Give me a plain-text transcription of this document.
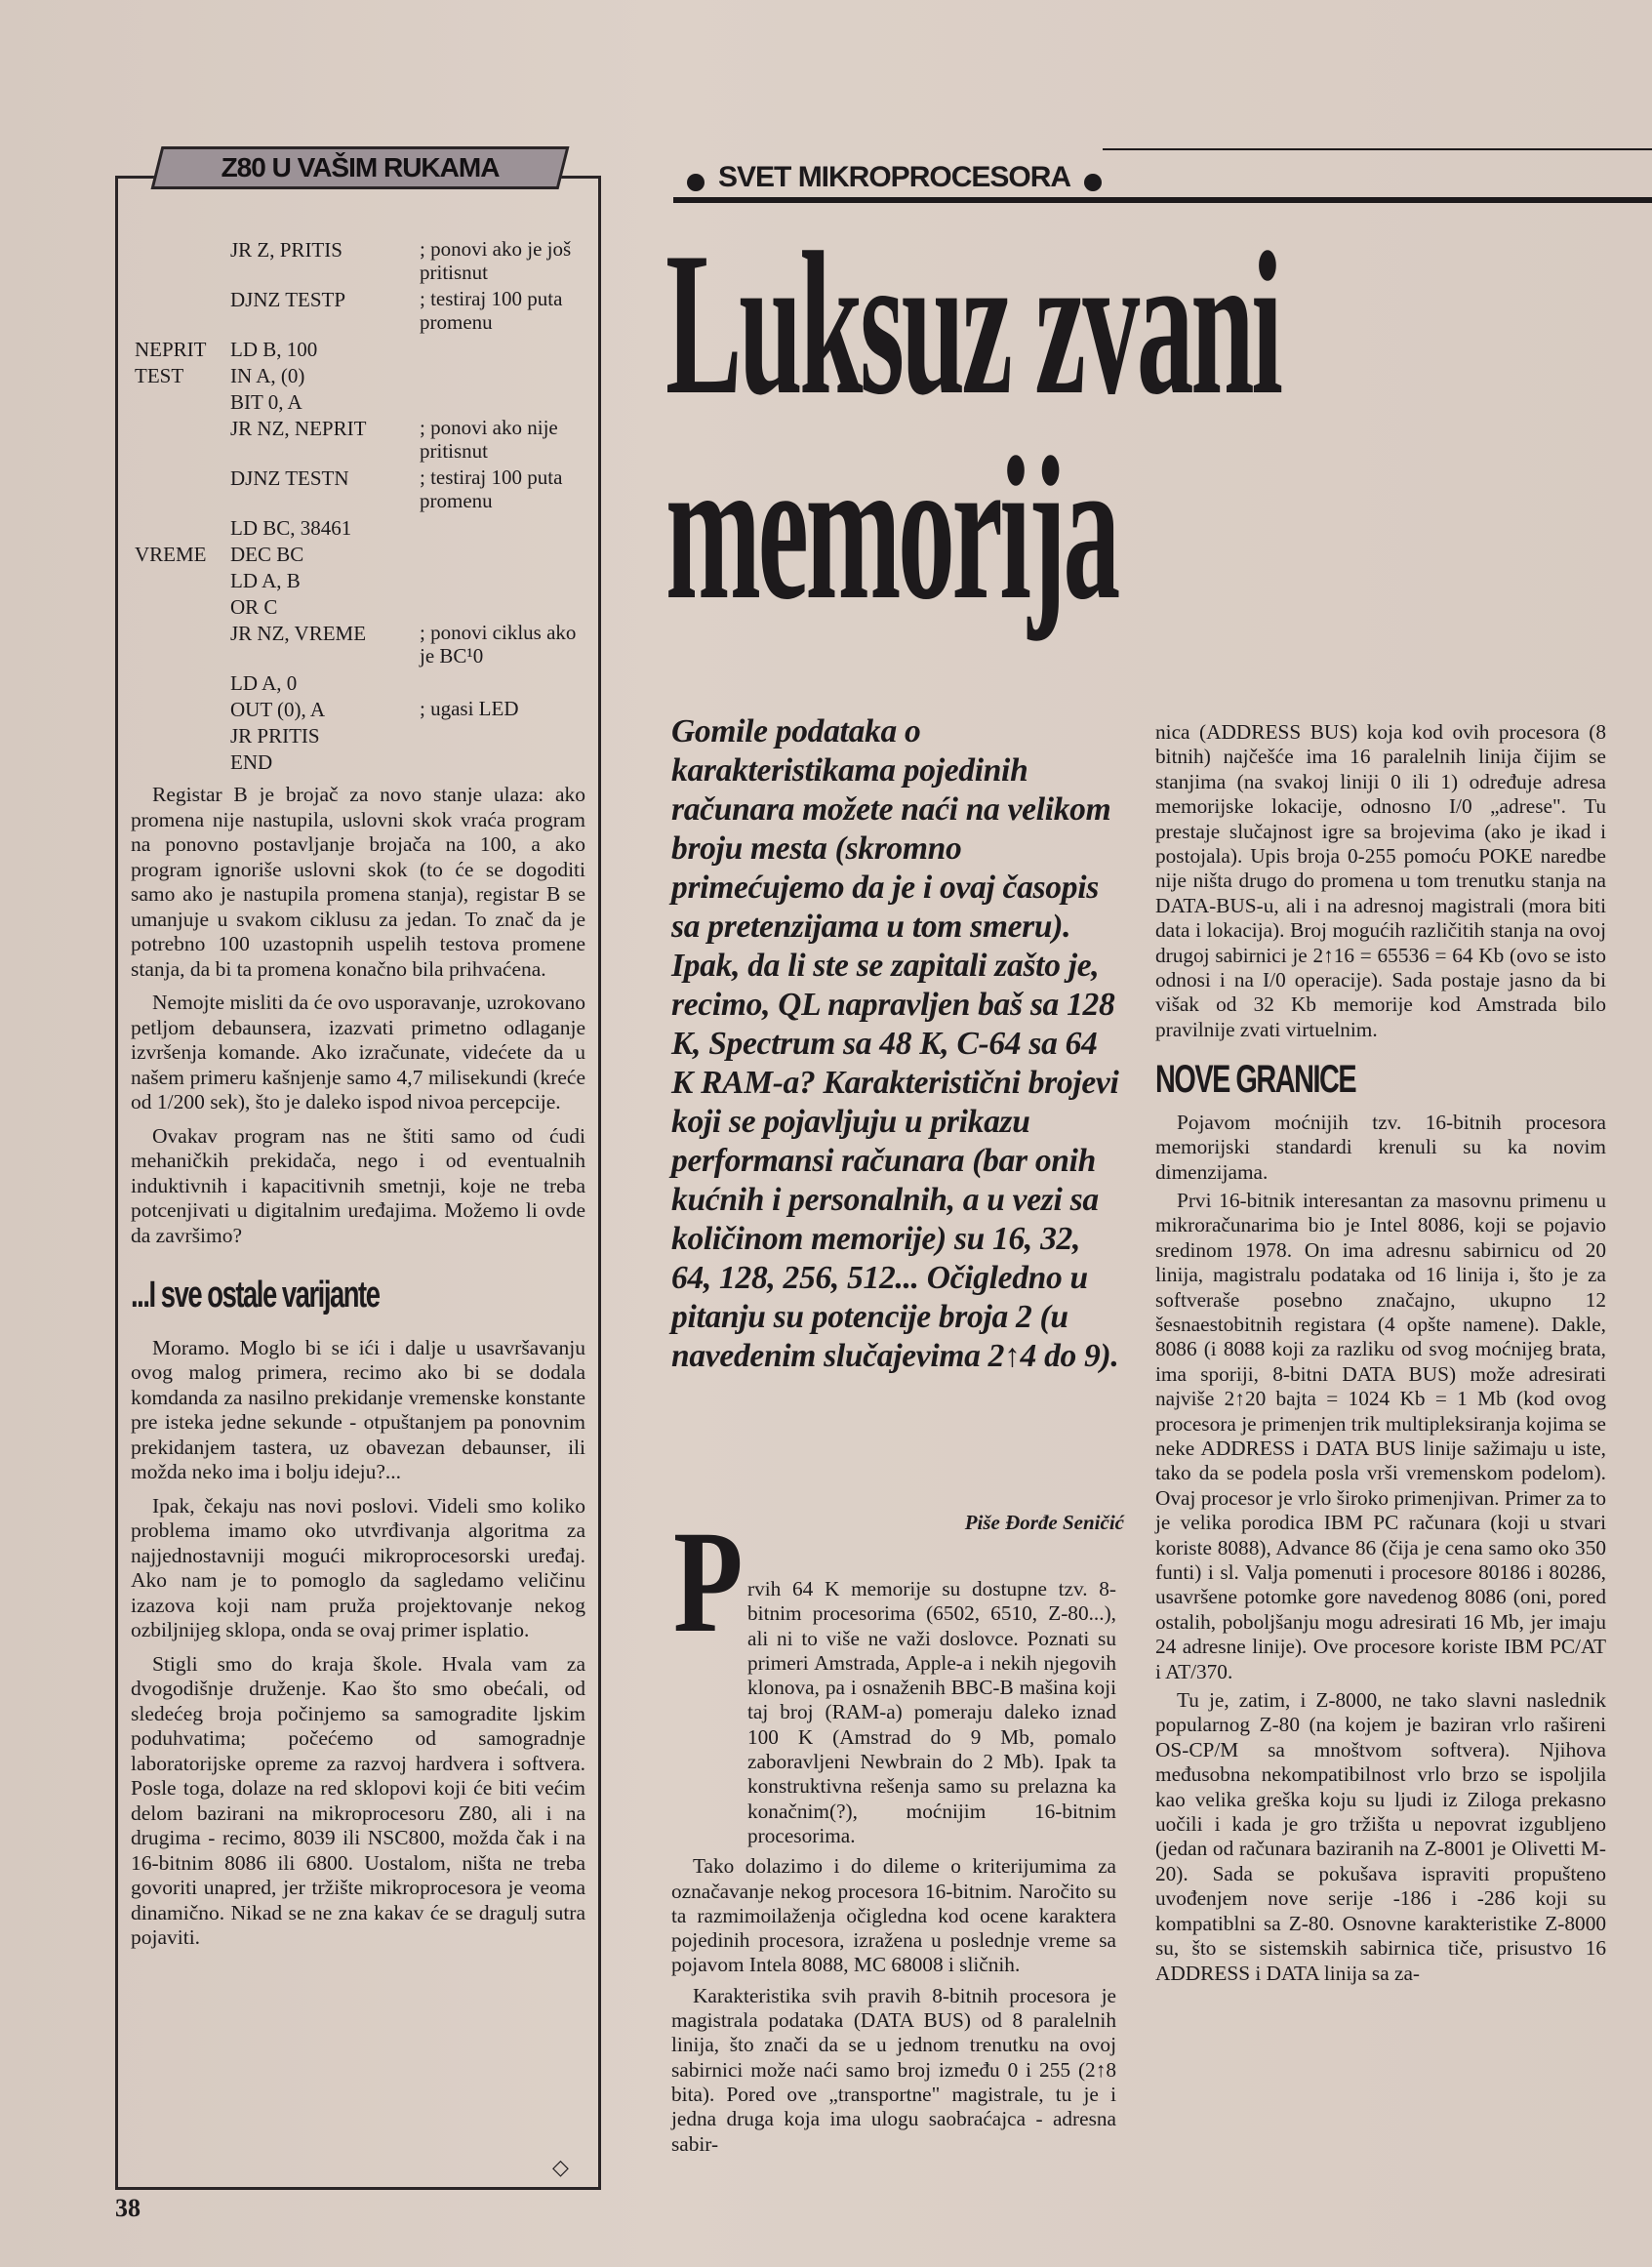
Z80 U VAŠIM RUKAMA
JR Z, PRITIS	; ponovi ako je još pritisnut
DJNZ TESTP	; testiraj 100 puta promenu
NEPRIT LD B, 100
TEST IN A, (0)
BIT 0, A
JR NZ, NEPRIT	; ponovi ako nije pritisnut
DJNZ TESTN	; testiraj 100 puta promenu
LD BC, 38461
VREME DEC BC
LD A, B
OR C
JR NZ, VREME	; ponovi ciklus ako je BC¹0
LD A, 0
OUT (0), A	; ugasi LED
JR PRITIS
END

Registar B je brojač za novo stanje ulaza: ako promena nije nastupila, uslovni skok vraća program na ponovno postavljanje brojača na 100, a ako program ignoriše uslovni skok (to će se dogoditi samo ako je nastupila promena stanja), registar B se umanjuje u svakom ciklusu za jedan. To znač da je potrebno 100 uzastopnih uspelih testova promene stanja, da bi ta promena konačno bila prihvaćena.

Nemojte misliti da će ovo usporavanje, uzrokovano petljom debaunsera, izazvati primetno odlaganje izvršenja komande. Ako izračunate, videćete da u našem primeru kašnjenje samo 4,7 milisekundi (kreće od 1/200 sek), što je daleko ispod nivoa percepcije.

Ovakav program nas ne štiti samo od ćudi mehaničkih prekidača, nego i od eventualnih induktivnih i kapacitivnih smetnji, koje ne treba potcenjivati u digitalnim uređajima. Možemo li ovde da završimo?

...I sve ostale varijante

Moramo. Moglo bi se ići i dalje u usavršavanju ovog malog primera, recimo ako bi se dodala komdanda za nasilno prekidanje vremenske konstante pre isteka jedne sekunde - otpuštanjem pa ponovnim prekidanjem tastera, uz obavezan debaunser, ili možda neko ima i bolju ideju?...

Ipak, čekaju nas novi poslovi. Videli smo koliko problema imamo oko utvrđivanja algoritma za najjednostavniji mogući mikroprocesorski uređaj. Ako nam je to pomoglo da sagledamo veličinu izazova koji nam pruža projektovanje nekog ozbiljnijeg sklopa, onda se ovaj primer isplatio.

Stigli smo do kraja škole. Hvala vam za dvogodišnje druženje. Kao što smo obećali, od sledećeg broja počinjemo sa samogradite ljskim poduhvatima; počećemo od samogradnje laboratorijske opreme za razvoj hardvera i softvera. Posle toga, dolaze na red sklopovi koji će biti većim delom bazirani na mikroprocesoru Z80, ali i na drugima - recimo, 8039 ili NSC800, možda čak i na 16-bitnim 8086 ili 6800. Uostalom, ništa ne treba govoriti unapred, jer tržište mikroprocesora je veoma dinamično. Nikad se ne zna kakav će se dragulj sutra pojaviti.

◇
38
SVET MIKROPROCESORA
Luksuz zvani
memorija
Gomile podataka o karakteristikama pojedinih računara možete naći na velikom broju mesta (skromno primećujemo da je i ovaj časopis sa pretenzijama u tom smeru). Ipak, da li ste se zapitali zašto je, recimo, QL napravljen baš sa 128 K, Spectrum sa 48 K, C-64 sa 64 K RAM-a? Karakteristični brojevi koji se pojavljuju u prikazu performansi računara (bar onih kućnih i personalnih, a u vezi sa količinom memorije) su 16, 32, 64, 128, 256, 512... Očigledno u pitanju su potencije broja 2 (u navedenim slučajevima 2↑4 do 9).
Piše Đorđe Seničić
P rvih 64 K memorije su dostupne tzv. 8-bitnim procesorima (6502, 6510, Z-80...), ali ni to više ne važi doslovce. Poznati su primeri Amstrada, Apple-a i nekih njegovih klonova, pa i osnaženih BBC-B mašina koji taj broj (RAM-a) pomeraju daleko iznad 100 K (Amstrad do 9 Mb, pomalo zaboravljeni Newbrain do 2 Mb). Ipak ta konstruktivna rešenja samo su prelazna ka konačnim(?), moćnijim 16-bitnim procesorima.

Tako dolazimo i do dileme o kriterijumima za označavanje nekog procesora 16-bitnim. Naročito su ta razmimoilaženja očigledna kod ocene karaktera pojedinih procesora, izražena u poslednje vreme sa pojavom Intela 8088, MC 68008 i sličnih.

Karakteristika svih pravih 8-bitnih procesora je magistrala podataka (DATA BUS) od 8 paralelnih linija, što znači da se u jednom trenutku na ovoj sabirnici može naći samo broj između 0 i 255 (2↑8 bita). Pored ove „transportne" magistrale, tu je i jedna druga koja ima ulogu saobraćajca - adresna sabir-

nica (ADDRESS BUS) koja kod ovih procesora (8 bitnih) najčešće ima 16 paralelnih linija čijim se stanjima (na svakoj liniji 0 ili 1) određuje adresa memorijske lokacije, odnosno I/0 „adrese". Tu prestaje slučajnost igre sa brojevima (ako je ikad i postojala). Upis broja 0-255 pomoću POKE naredbe nije ništa drugo do promena u tom trenutku stanja na DATA-BUS-u, ali i na adresnoj magistrali (mora biti data i lokacija). Broj mogućih različitih stanja na ovoj drugoj sabirnici je 2↑16 = 65536 = 64 Kb (ovo se isto odnosi i na I/0 operacije). Sada postaje jasno da bi višak od 32 Kb memorije kod Amstrada bilo pravilnije zvati virtuelnim.

NOVE GRANICE

Pojavom moćnijih tzv. 16-bitnih procesora memorijski standardi krenuli su ka novim dimenzijama.

Prvi 16-bitnik interesantan za masovnu primenu u mikroračunarima bio je Intel 8086, koji se pojavio sredinom 1978. On ima adresnu sabirnicu od 20 linija, magistralu podataka od 16 linija i, što je za softveraše posebno značajno, ukupno 12 šesnaestobitnih registara (4 opšte namene). Dakle, 8086 (i 8088 koji za razliku od svog moćnijeg brata, ima sporiji, 8-bitni DATA BUS) može adresirati najviše 2↑20 bajta = 1024 Kb = 1 Mb (kod ovog procesora je primenjen trik multipleksiranja kojima se neke ADDRESS i DATA BUS linije sažimaju u iste, tako da se podela posla vrši vremenskom podelom). Ovaj procesor je vrlo široko primenjivan. Primer za to je velika porodica IBM PC računara (koji u stvari koriste 8088), Advance 86 (čija je cena samo oko 350 funti) i sl. Valja pomenuti i procesore 80186 i 80286, usavršene potomke gore navedenog 8086 (oni, pored ostalih, poboljšanju mogu adresirati 16 Mb, jer imaju 24 adresne linije). Ove procesore koriste IBM PC/AT i AT/370.

Tu je, zatim, i Z-8000, ne tako slavni naslednik popularnog Z-80 (na kojem je baziran vrlo rašireni OS-CP/M sa mnoštvom softvera). Njihova međusobna nekompatibilnost vrlo brzo se ispoljila kao velika greška koju su ljudi iz Ziloga prekasno uočili i kada je gro tržišta u nepovrat izgubljeno (jedan od računara baziranih na Z-8001 je Olivetti M-20). Sada se pokušava ispraviti propušteno uvođenjem nove serije -186 i -286 koji su kompatiblni sa Z-80. Osnovne karakteristike Z-8000 su, što se sistemskih sabirnica tiče, prisustvo 16 ADDRESS i DATA linija sa za-
